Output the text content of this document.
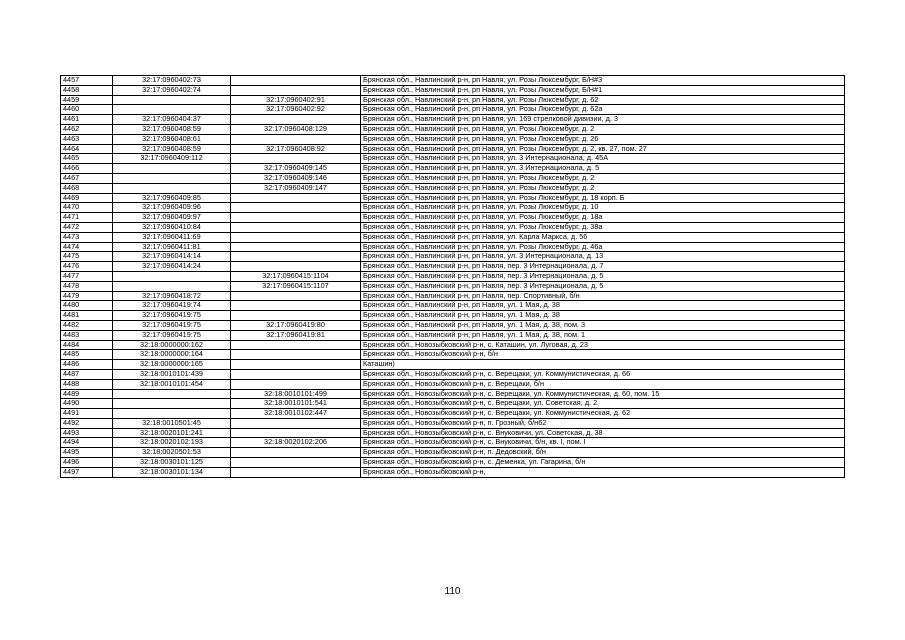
4457	32:17:0960402:73		Брянская обл., Навлинский р-н, рп Навля, ул. Розы Люксембург, Б/Н#3
4458	32:17:0960402:74		Брянская обл., Навлинский р-н, рп Навля, ул. Розы Люксембург, Б/Н#1
4459		32:17:0960402:91	Брянская обл., Навлинский р-н, рп Навля, ул. Розы Люксембург, д. 62
4460		32:17:0960402:92	Брянская обл., Навлинский р-н, рп Навля, ул. Розы Люксембург, д. 62а
4461	32:17:0960404:37		Брянская обл., Навлинский р-н, рп Навля, ул. 169 стрелковой дивизии, д. 3
4462	32:17:0960408:59	32:17:0960408:129	Брянская обл., Навлинский р-н, рп Навля, ул. Розы Люксембург, д. 2
4463	32:17:0960408:61		Брянская обл., Навлинский р-н, рп Навля, ул. Розы Люксембург, д. 26
4464	32:17:0960408:59	32:17:0960408:92	Брянская обл., Навлинский р-н, рп Навля, ул. Розы Люксембург, д. 2, кв. 27, пом. 27
4465	32:17:0960409:112		Брянская обл., Навлинский р-н, рп Навля, ул. 3 Интернационала, д. 45А
4466		32:17:0960409:145	Брянская обл., Навлинский р-н, рп Навля, ул. 3 Интернационала, д. 5
4467		32:17:0960409:146	Брянская обл., Навлинский р-н, рп Навля, ул. Розы Люксембург, д. 2
4468		32:17:0960409:147	Брянская обл., Навлинский р-н, рп Навля, ул. Розы Люксембург, д. 2
4469	32:17:0960409:85		Брянская обл., Навлинский р-н, рп Навля, ул. Розы Люксембург, д. 18 корп. Б
4470	32:17:0960409:96		Брянская обл., Навлинский р-н, рп Навля, ул. Розы Люксембург, д. 10
4471	32:17:0960409:97		Брянская обл., Навлинский р-н, рп Навля, ул. Розы Люксембург, д. 18а
4472	32:17:0960410:84		Брянская обл., Навлинский р-н, рп Навля, ул. Розы Люксембург, д. 38а
4473	32:17:0960411:69		Брянская обл., Навлинский р-н, рп Навля, ул. Карла Маркса, д. 56
4474	32:17:0960411:81		Брянская обл., Навлинский р-н, рп Навля, ул. Розы Люксембург, д. 46а
4475	32:17:0960414:14		Брянская обл., Навлинский р-н, рп Навля, ул. 3 Интернационала, д. 13
4476	32:17:0960414:24		Брянская обл., Навлинский р-н, рп Навля, пер. 3 Интернационала, д. 7
4477		32:17:0960415:1104	Брянская обл., Навлинский р-н, рп Навля, пер. 3 Интернационала, д. 5
4478		32:17:0960415:1107	Брянская обл., Навлинский р-н, рп Навля, пер. 3 Интернационала, д. 5
4479	32:17:0960418:72		Брянская обл., Навлинский р-н, рп Навля, пер. Спортивный, б/н
4480	32:17:0960419:74		Брянская обл., Навлинский р-н, рп Навля, ул. 1 Мая, д. 38
4481	32:17:0960419:75		Брянская обл., Навлинский р-н, рп Навля, ул. 1 Мая, д. 38
4482	32:17:0960419:75	32:17:0960419:80	Брянская обл., Навлинский р-н, рп Навля, ул. 1 Мая, д. 38, пом. 3
4483	32:17:0960419:75	32:17:0960419:81	Брянская обл., Навлинский р-н, рп Навля, ул. 1 Мая, д. 38, пом. 1
4484	32:18:0000000:162		Брянская обл., Новозыбковский р-н, с. Каташин, ул. Луговая, д. 23
4485	32:18:0000000:164		Брянская обл., Новозыбковский р-н, б/н
4486	32:18:0000000:165		Каташин)
4487	32:18:0010101:439		Брянская обл., Новозыбковский р-н, с. Верещаки, ул. Коммунистическая, д. 66
4488	32:18:0010101:454		Брянская обл., Новозыбковский р-н, с. Верещаки, б/н
4489		32:18:0010101:499	Брянская обл., Новозыбковский р-н, с. Верещаки, ул. Коммунистическая, д. 60, пом. 15
4490		32:18:0010101:541	Брянская обл., Новозыбковский р-н, с. Верещаки, ул. Советская, д. 2
4491		32:18:0010102:447	Брянская обл., Новозыбковский р-н, с. Верещаки, ул. Коммунистическая, д. 62
4492	32:18:0010501:45		Брянская обл., Новозыбковский р-н, п. Грозный, б/н62
4493	32:18:0020101:241		Брянская обл., Новозыбковский р-н, с. Внуковичи, ул. Советская, д. 38
4494	32:18:0020102:193	32:18:0020102:206	Брянская обл., Новозыбковский р-н, с. Внуковичи, б/н, кв. I, пом. I
4495	32:18:0020501:53		Брянская обл., Новозыбковский р-н, п. Дедовский, б/н
4496	32:18:0030101:125		Брянская обл., Новозыбковский р-н, с. Деменка, ул. Гагарина, б/н
4497	32:18:0030101:134		Брянская обл., Новозыбковский р-н,
110
